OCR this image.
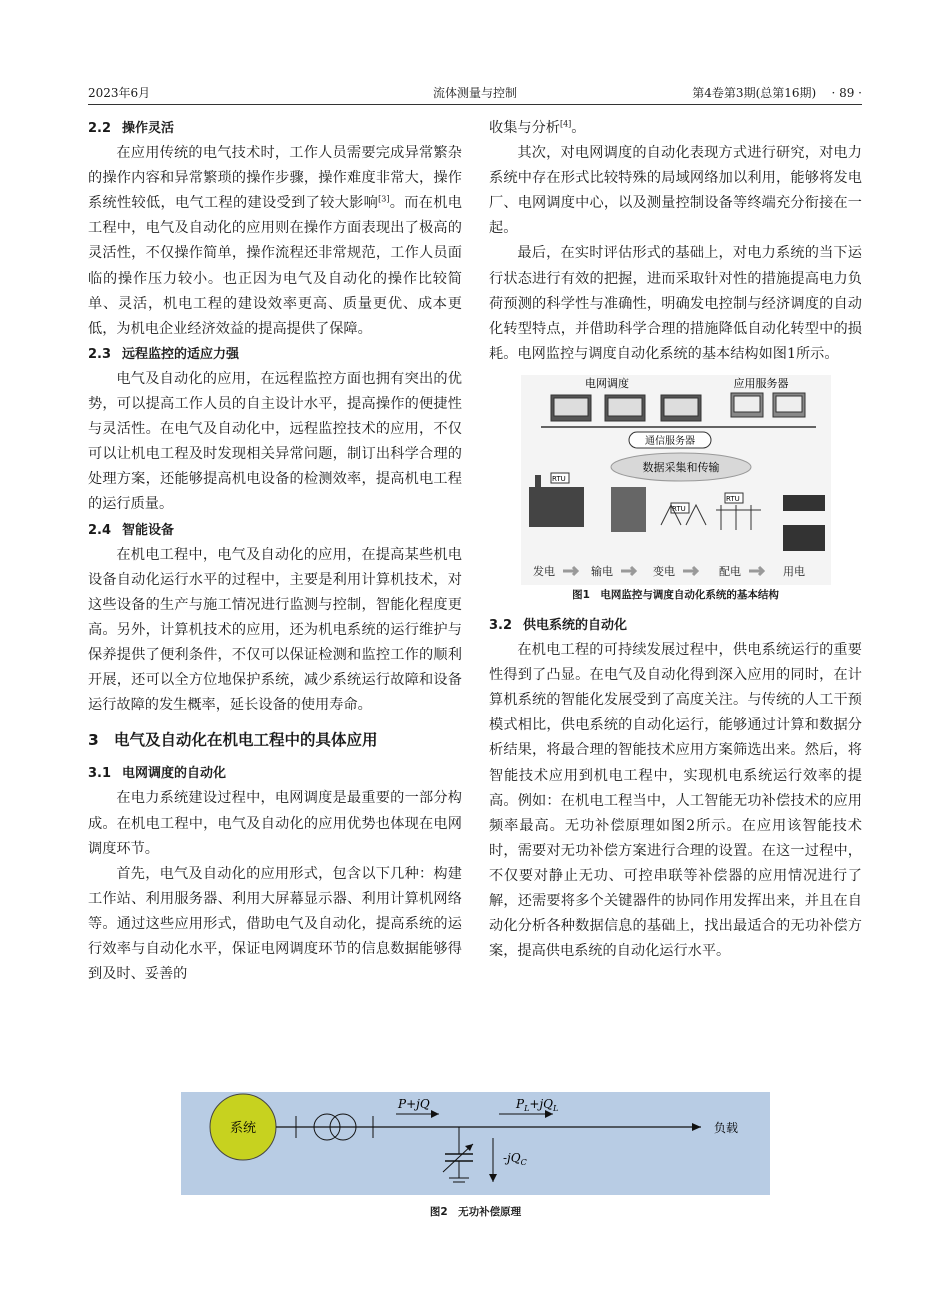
2023年6月	流体测量与控制	第4卷第3期(总第16期) · 89 ·
2.2 操作灵活

在应用传统的电气技术时，工作人员需要完成异常繁杂的操作内容和异常繁琐的操作步骤，操作难度非常大，操作系统性较低，电气工程的建设受到了较大影响[3]。而在机电工程中，电气及自动化的应用则在操作方面表现出了极高的灵活性，不仅操作简单，操作流程还非常规范，工作人员面临的操作压力较小。也正因为电气及自动化的操作比较简单、灵活，机电工程的建设效率更高、质量更优、成本更低，为机电企业经济效益的提高提供了保障。

2.3 远程监控的适应力强

电气及自动化的应用，在远程监控方面也拥有突出的优势，可以提高工作人员的自主设计水平，提高操作的便捷性与灵活性。在电气及自动化中，远程监控技术的应用，不仅可以让机电工程及时发现相关异常问题，制订出科学合理的处理方案，还能够提高机电设备的检测效率，提高机电工程的运行质量。

2.4 智能设备

在机电工程中，电气及自动化的应用，在提高某些机电设备自动化运行水平的过程中，主要是利用计算机技术，对这些设备的生产与施工情况进行监测与控制，智能化程度更高。另外，计算机技术的应用，还为机电系统的运行维护与保养提供了便利条件，不仅可以保证检测和监控工作的顺利开展，还可以全方位地保护系统，减少系统运行故障和设备运行故障的发生概率，延长设备的使用寿命。

3 电气及自动化在机电工程中的具体应用
3.1 电网调度的自动化

在电力系统建设过程中，电网调度是最重要的一部分构成。在机电工程中，电气及自动化的应用优势也体现在电网调度环节。

首先，电气及自动化的应用形式，包含以下几种：构建工作站、利用服务器、利用大屏幕显示器、利用计算机网络等。通过这些应用形式，借助电气及自动化，提高系统的运行效率与自动化水平，保证电网调度环节的信息数据能够得到及时、妥善的

收集与分析[4]。

其次，对电网调度的自动化表现方式进行研究，对电力系统中存在形式比较特殊的局域网络加以利用，能够将发电厂、电网调度中心，以及测量控制设备等终端充分衔接在一起。

最后，在实时评估形式的基础上，对电力系统的当下运行状态进行有效的把握，进而采取针对性的措施提高电力负荷预测的科学性与准确性，明确发电控制与经济调度的自动化转型特点，并借助科学合理的措施降低自动化转型中的损耗。电网监控与调度自动化系统的基本结构如图1所示。

电网调度	应用服务器
通信服务器
数据采集和传输
RTU
RTU
RTU
发电	输电	变电	配电	用电
图1　电网监控与调度自动化系统的基本结构
3.2 供电系统的自动化

在机电工程的可持续发展过程中，供电系统运行的重要性得到了凸显。在电气及自动化得到深入应用的同时，在计算机系统的智能化发展受到了高度关注。与传统的人工干预模式相比，供电系统的自动化运行，能够通过计算和数据分析结果，将最合理的智能技术应用方案筛选出来。然后，将智能技术应用到机电工程中，实现机电系统运行效率的提高。例如：在机电工程当中，人工智能无功补偿技术的应用频率最高。无功补偿原理如图2所示。在应用该智能技术时，需要对无功补偿方案进行合理的设置。在这一过程中，不仅要对静止无功、可控串联等补偿器的应用情况进行了解，还需要将多个关键器件的协同作用发挥出来，并且在自动化分析各种数据信息的基础上，找出最适合的无功补偿方案，提高供电系统的自动化运行水平。

系统	负载
P+jQ	$P_L+jQ_L$
$-jQ_C$
图2　无功补偿原理
